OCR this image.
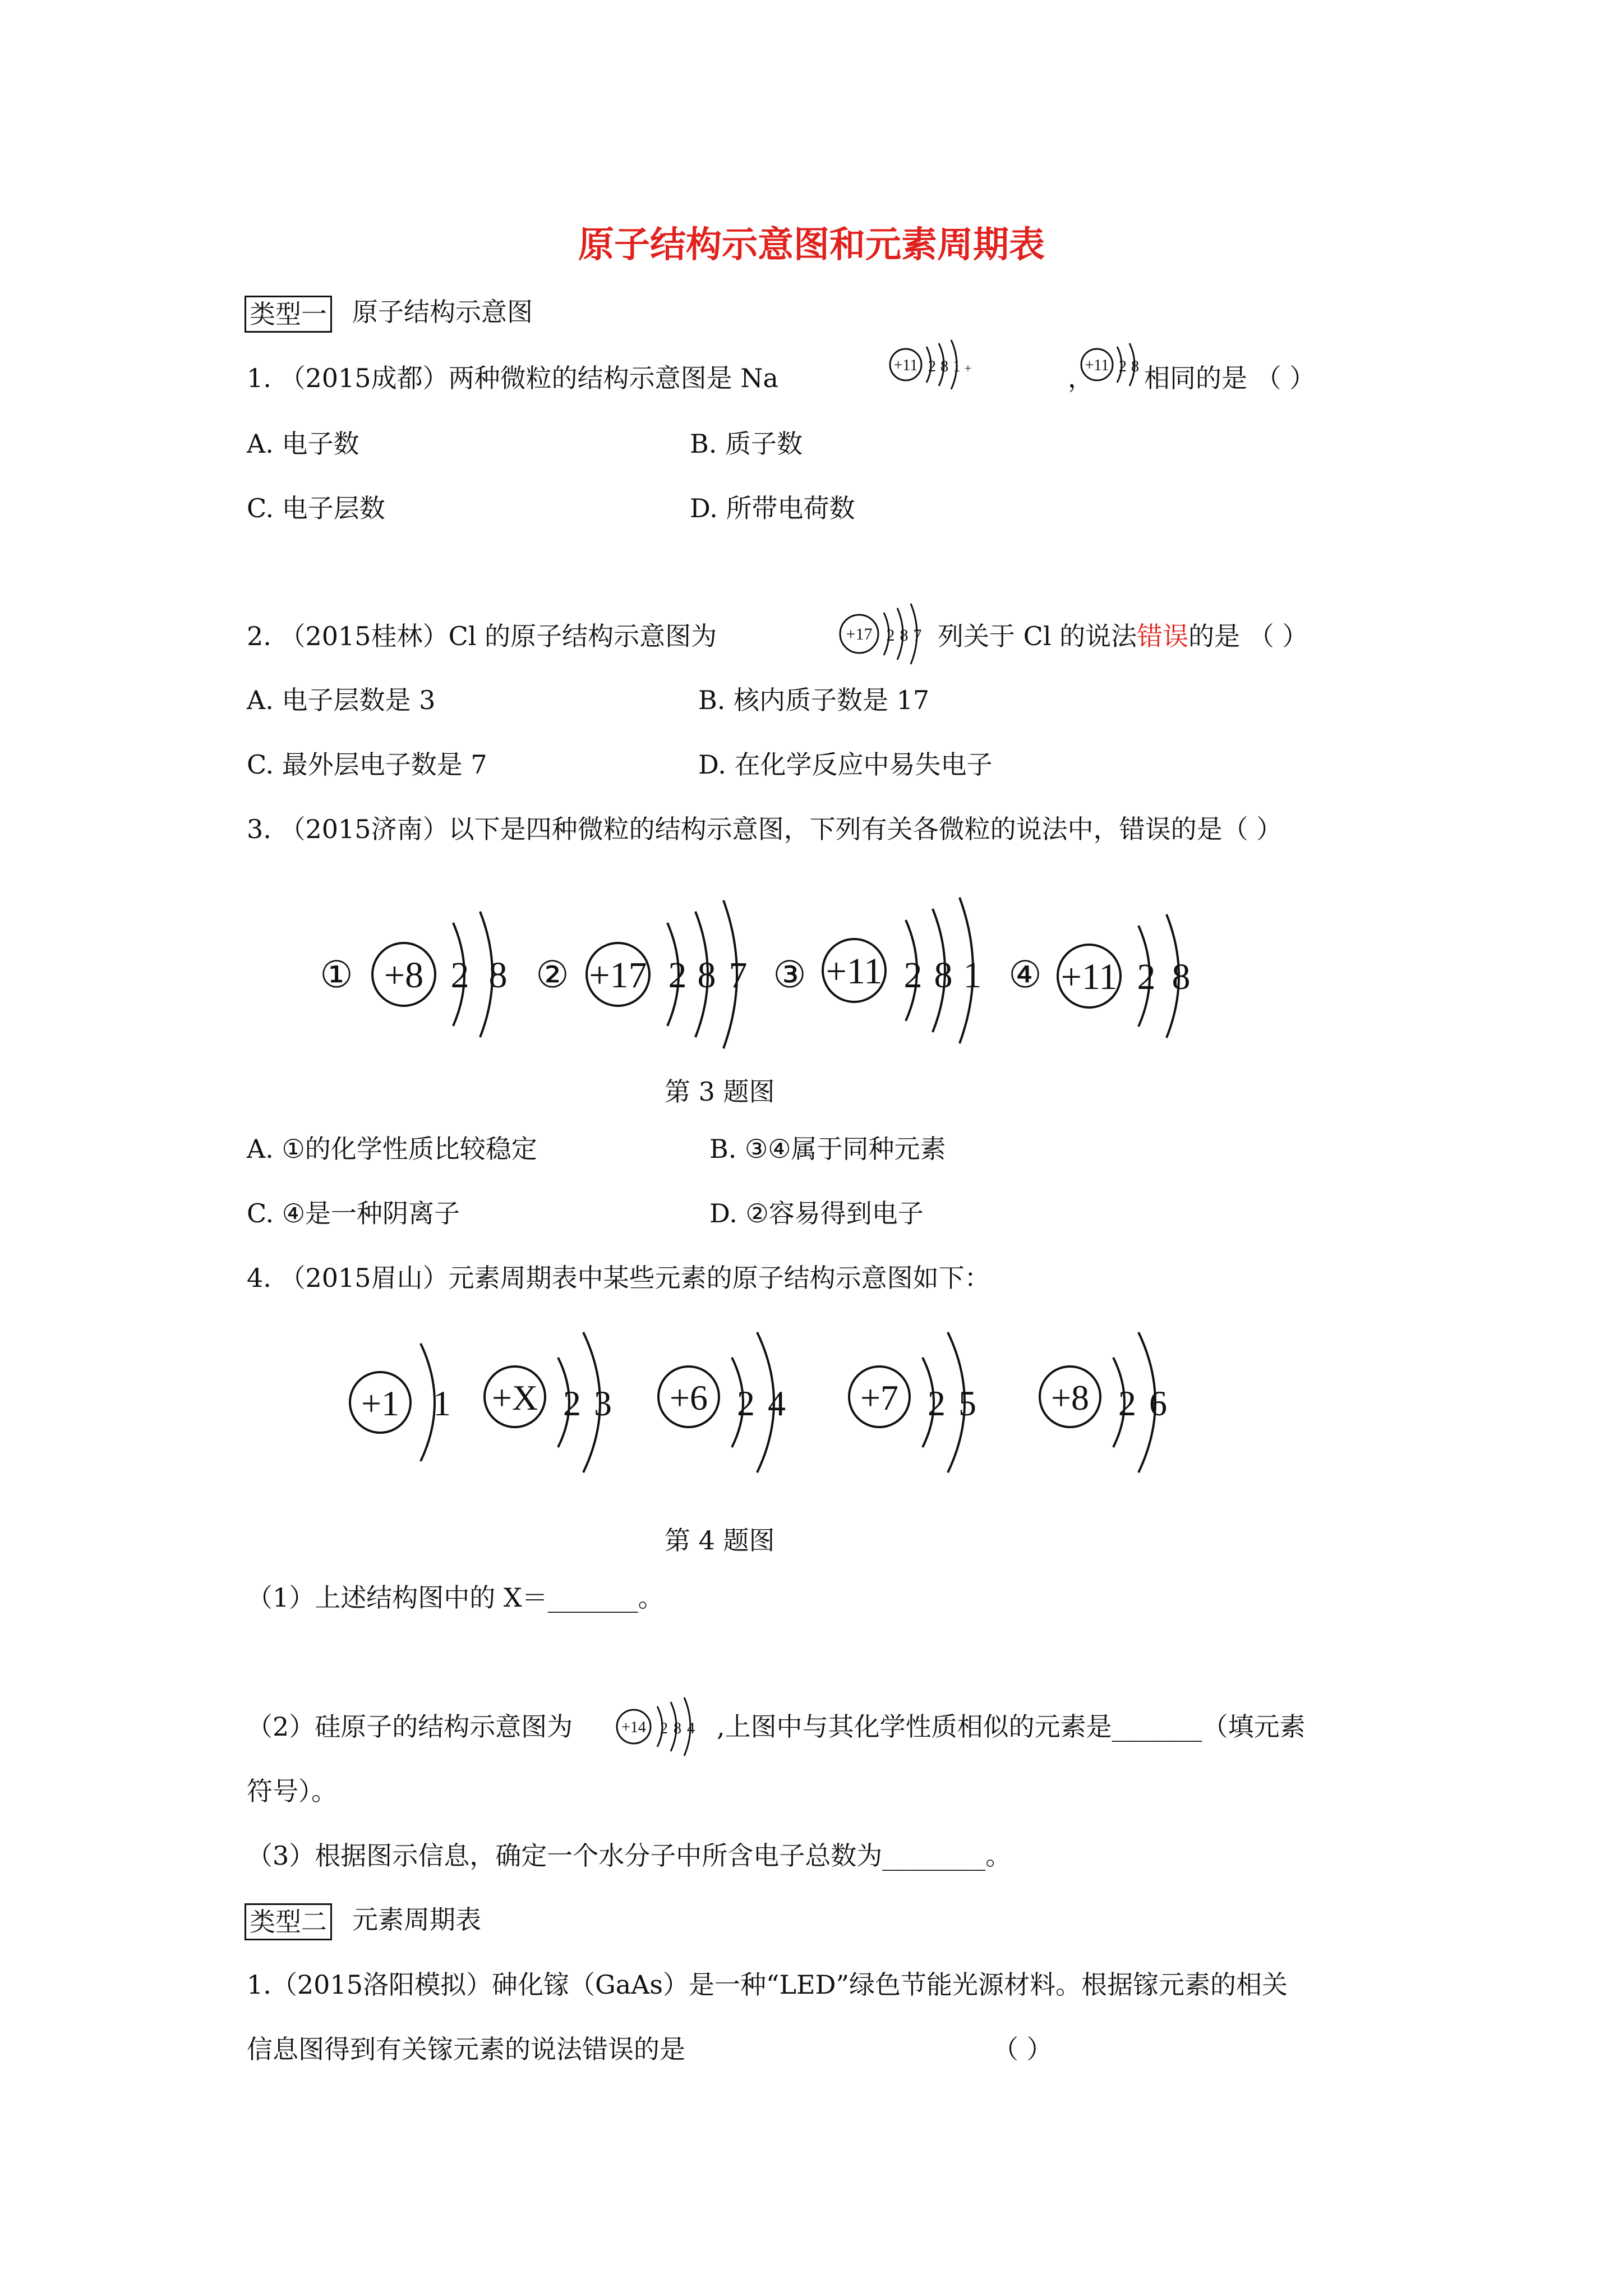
原子结构示意图和元素周期表
类型一 原子结构示意图
1. （2015成都）两种微粒的结构示意图是 Na	+11 2 8 1 +	，
+11 2 8 相同的是 （ ）
A. 电子数	B. 质子数
C. 电子层数	D. 所带电荷数
2. （2015桂林）Cl 的原子结构示意图为	+17 2 8 7 列关于 Cl 的说法错误的是 （ ）
A. 电子层数是 3	B. 核内质子数是 17
C. 最外层电子数是 7	D. 在化学反应中易失电子
3. （2015济南）以下是四种微粒的结构示意图，下列有关各微粒的说法中，错误的是（ ）
① +8 2 8 ② +17 2 8 7 ③ +11 2 8 1 ④ +11 2 8
第 3 题图
A. ①的化学性质比较稳定	B. ③④属于同种元素
C. ④是一种阴离子	D. ②容易得到电子
4. （2015眉山）元素周期表中某些元素的原子结构示意图如下：
+1 1 +X 2 3 +6 2 4 +7 2 5 +8 2 6
第 4 题图
（1）上述结构图中的 X＝_______。
（2）硅原子的结构示意图为	+14 2 8 4 ,上图中与其化学性质相似的元素是_______（填元素
符号）。
（3）根据图示信息，确定一个水分子中所含电子总数为________。
类型二 元素周期表
1.（2015洛阳模拟）砷化镓（GaAs）是一种“LED”绿色节能光源材料。根据镓元素的相关
信息图得到有关镓元素的说法错误的是	（ ）
